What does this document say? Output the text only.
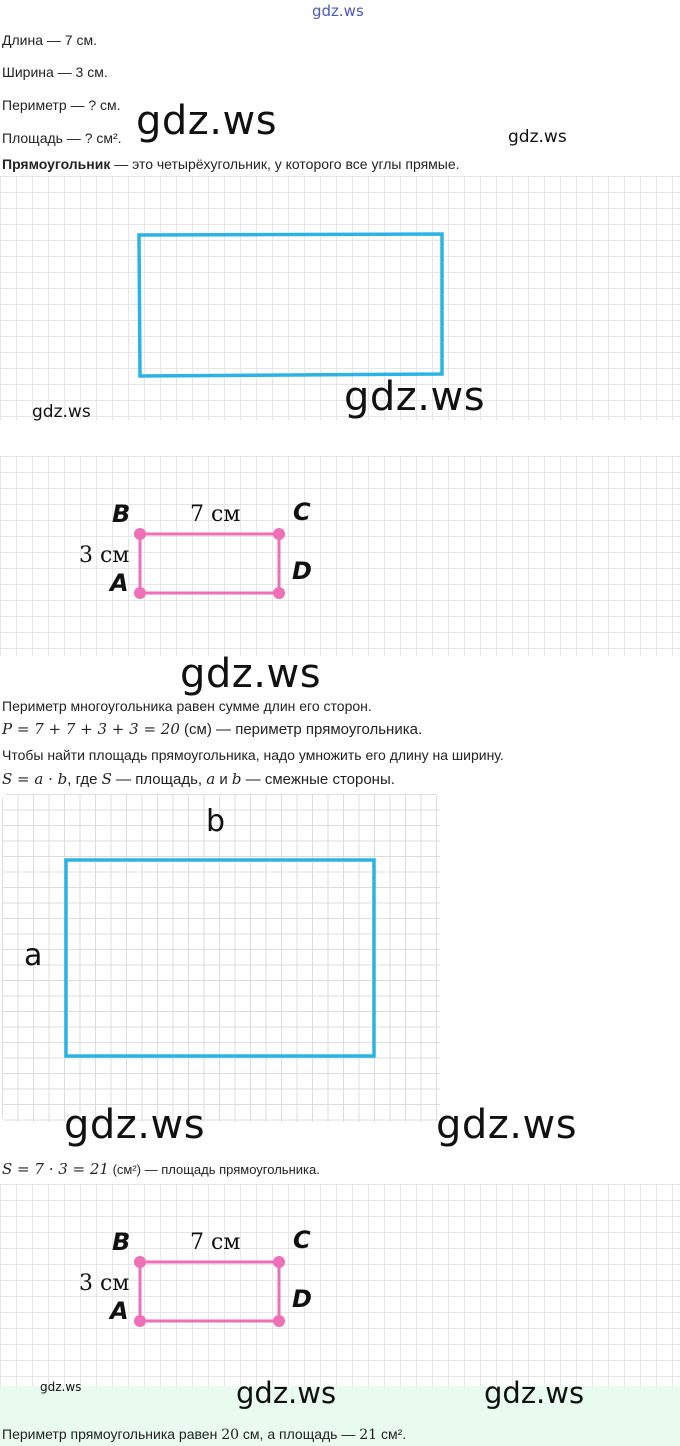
gdz.ws
Длина — 7 см.
Ширина — 3 см.
Периметр — ? см.
Площадь — ? см². gdz.ws	gdz.ws
Прямоугольник — это четырёхугольник, у которого все углы прямые.
gdz.ws	gdz.ws
B	C
A	D
7 см
3 см
gdz.ws
Периметр многоугольника равен сумме длин его сторон.
P = 7 + 7 + 3 + 3 = 20 (см) — периметр прямоугольника.
Чтобы найти площадь прямоугольника, надо умножить его длину на ширину.
S = a · b, где S — площадь, a и b — смежные стороны.
b
a
gdz.ws	gdz.ws
S = 7 · 3 = 21 (см²) — площадь прямоугольника.
B	C
A	D
7 см
3 см
gdz.ws	gdz.ws	gdz.ws
Периметр прямоугольника равен 20 см, а площадь — 21 см².
